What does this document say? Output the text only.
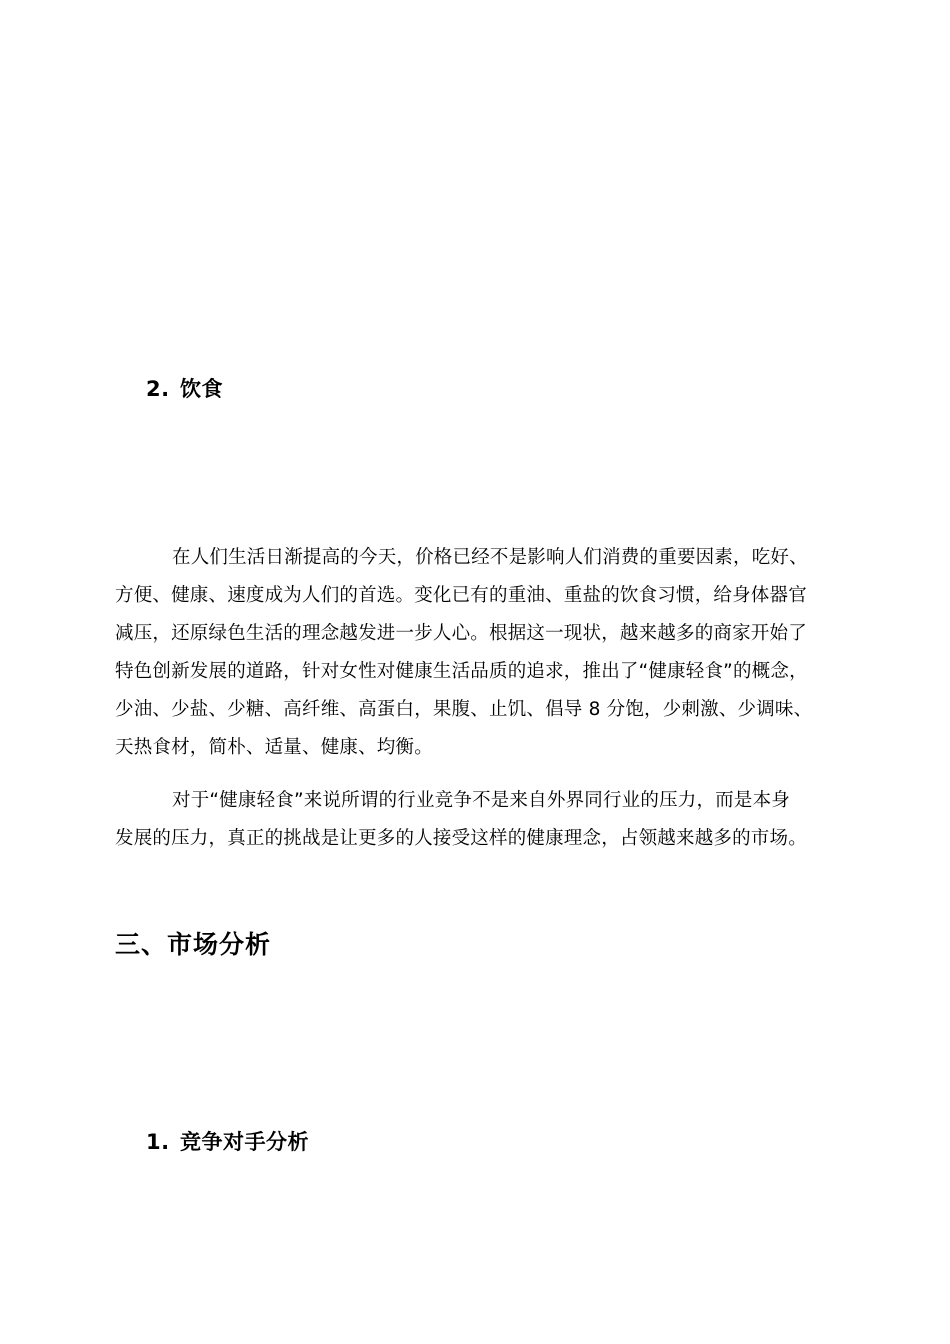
2. 饮食
在人们生活日渐提高的今天，价格已经不是影响人们消费的重要因素，吃好、
方便、健康、速度成为人们的首选。变化已有的重油、重盐的饮食习惯，给身体器官
减压，还原绿色生活的理念越发进一步人心。根据这一现状，越来越多的商家开始了
特色创新发展的道路，针对女性对健康生活品质的追求，推出了“健康轻食”的概念，
少油、少盐、少糖、高纤维、高蛋白，果腹、止饥、倡导 8 分饱，少刺激、少调味、
天热食材，简朴、适量、健康、均衡。
对于“健康轻食”来说所谓的行业竞争不是来自外界同行业的压力，而是本身
发展的压力，真正的挑战是让更多的人接受这样的健康理念，占领越来越多的市场。
三、市场分析
1. 竞争对手分析
